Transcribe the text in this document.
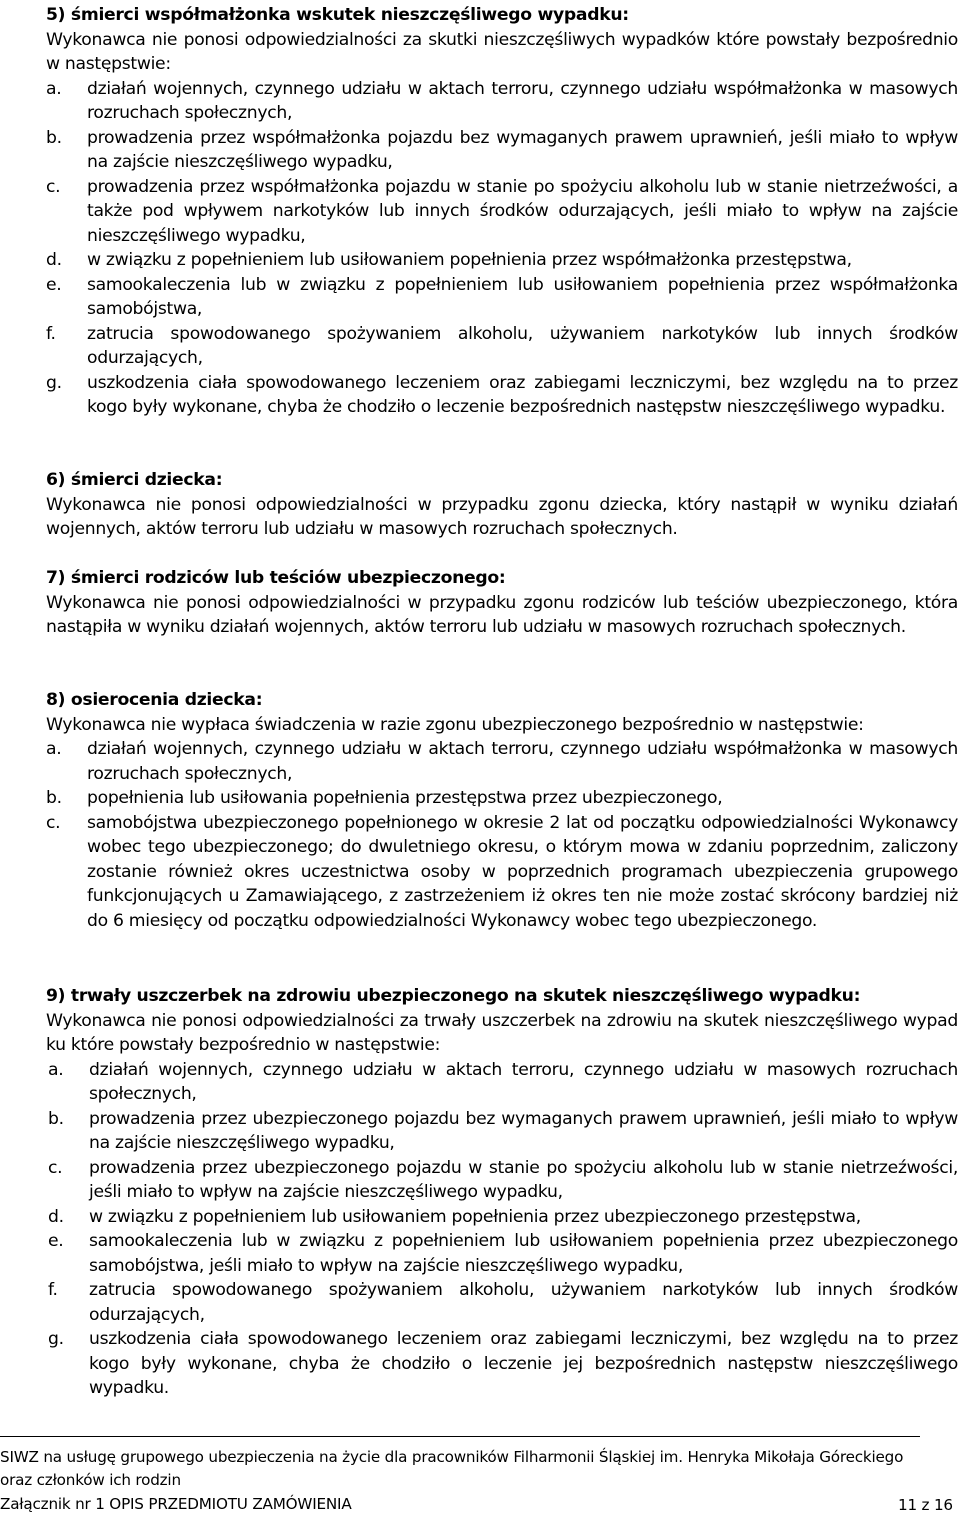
5) śmierci współmałżonka wskutek nieszczęśliwego wypadku:
Wykonawca nie ponosi odpowiedzialności za skutki nieszczęśliwych wypadków które powstały bezpośrednio w następstwie:
a.	działań wojennych, czynnego udziału w aktach terroru, czynnego udziału współmałżonka w masowych rozruchach społecznych,
b.	prowadzenia przez współmałżonka pojazdu bez wymaganych prawem uprawnień, jeśli miało to wpływ na zajście nieszczęśliwego wypadku,
c.	prowadzenia przez współmałżonka pojazdu w stanie po spożyciu alkoholu lub w stanie nietrzeźwości, a także pod wpływem narkotyków lub innych środków odurzających, jeśli miało to wpływ na zajście nieszczęśliwego wypadku,
d.	w związku z popełnieniem lub usiłowaniem popełnienia przez współmałżonka przestępstwa,
e.	samookaleczenia lub w związku z popełnieniem lub usiłowaniem popełnienia przez współmałżonka samobójstwa,
f.	zatrucia spowodowanego spożywaniem alkoholu, używaniem narkotyków lub innych środków odurzających,
g.	uszkodzenia ciała spowodowanego leczeniem oraz zabiegami leczniczymi, bez względu na to przez kogo były wykonane, chyba że chodziło o leczenie bezpośrednich następstw nieszczęśliwego wypadku.
6) śmierci dziecka:
Wykonawca nie ponosi odpowiedzialności w przypadku zgonu dziecka, który nastąpił w wyniku działań wojennych, aktów terroru lub udziału w masowych rozruchach społecznych.
7) śmierci rodziców lub teściów ubezpieczonego:
Wykonawca nie ponosi odpowiedzialności w przypadku zgonu rodziców lub teściów ubezpieczonego, która nastąpiła w wyniku działań wojennych, aktów terroru lub udziału w masowych rozruchach społecznych.
8) osierocenia dziecka:
Wykonawca nie wypłaca świadczenia w razie zgonu ubezpieczonego bezpośrednio w następstwie:
a.	działań wojennych, czynnego udziału w aktach terroru, czynnego udziału współmałżonka w masowych rozruchach społecznych,
b.	popełnienia lub usiłowania popełnienia przestępstwa przez ubezpieczonego,
c.	samobójstwa ubezpieczonego popełnionego w okresie 2 lat od początku odpowiedzialności Wykonawcy wobec tego ubezpieczonego; do dwuletniego okresu, o którym mowa w zdaniu poprzednim, zaliczony zostanie również okres uczestnictwa osoby w poprzednich programach ubezpieczenia grupowego funkcjonujących u Zamawiającego, z zastrzeżeniem iż okres ten nie może zostać skrócony bardziej niż do 6 miesięcy od początku odpowiedzialności Wykonawcy wobec tego ubezpieczonego.
9) trwały uszczerbek na zdrowiu ubezpieczonego na skutek nieszczęśliwego wypadku:
Wykonawca nie ponosi odpowiedzialności za trwały uszczerbek na zdrowiu na skutek nieszczęśliwego wypad ku które powstały bezpośrednio w następstwie:
a.	działań wojennych, czynnego udziału w aktach terroru, czynnego udziału w masowych rozruchach społecznych,
b.	prowadzenia przez ubezpieczonego pojazdu bez wymaganych prawem uprawnień, jeśli miało to wpływ na zajście nieszczęśliwego wypadku,
c.	prowadzenia przez ubezpieczonego pojazdu w stanie po spożyciu alkoholu lub w stanie nietrzeźwości, jeśli miało to wpływ na zajście nieszczęśliwego wypadku,
d.	w związku z popełnieniem lub usiłowaniem popełnienia przez ubezpieczonego przestępstwa,
e.	samookaleczenia lub w związku z popełnieniem lub usiłowaniem popełnienia przez ubezpieczonego samobójstwa, jeśli miało to wpływ na zajście nieszczęśliwego wypadku,
f.	zatrucia spowodowanego spożywaniem alkoholu, używaniem narkotyków lub innych środków odurzających,
g.	uszkodzenia ciała spowodowanego leczeniem oraz zabiegami leczniczymi, bez względu na to przez kogo były wykonane, chyba że chodziło o leczenie jej bezpośrednich następstw nieszczęśliwego wypadku.
SIWZ na usługę grupowego ubezpieczenia na życie dla pracowników Filharmonii Śląskiej im. Henryka Mikołaja Góreckiego oraz członków ich rodzin
Załącznik nr 1 OPIS PRZEDMIOTU ZAMÓWIENIA	11 z 16
